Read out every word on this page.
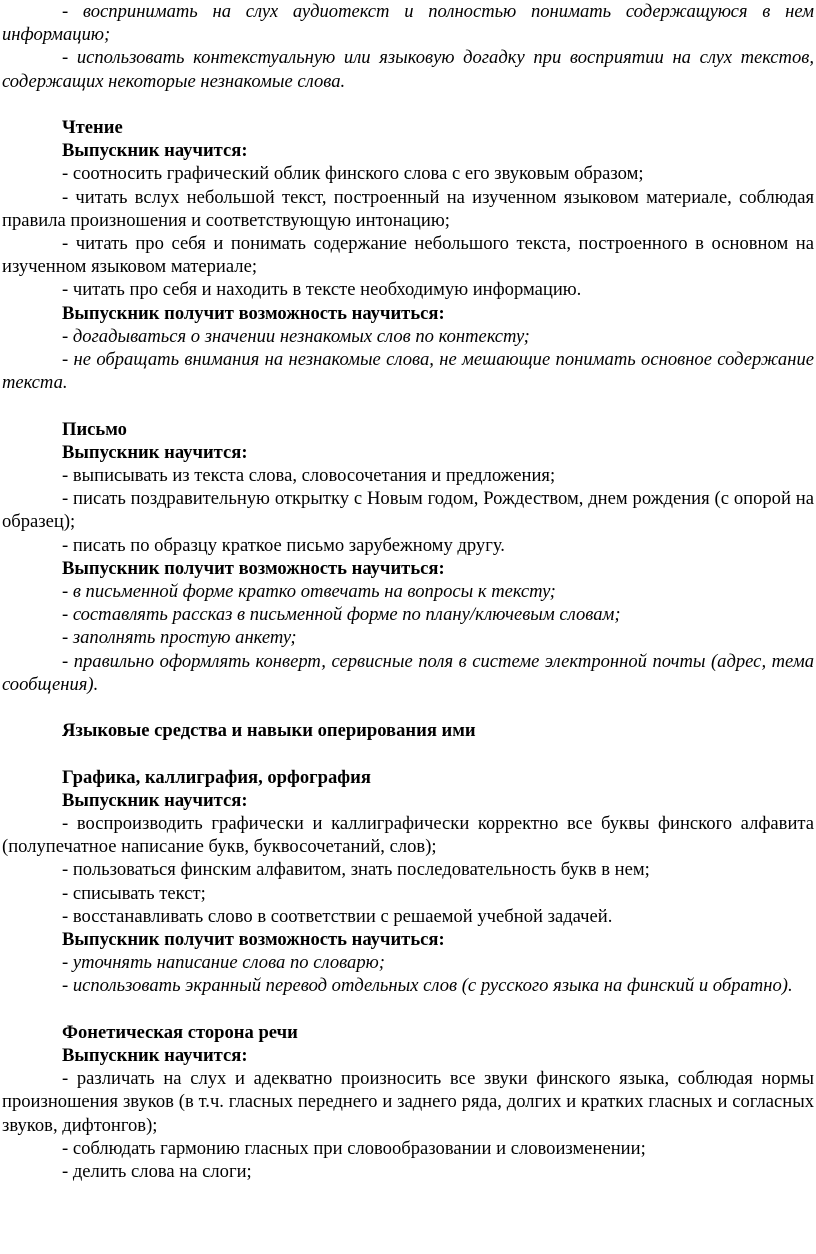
- воспринимать на слух аудиотекст и полностью понимать содержащуюся в нем информацию;

- использовать контекстуальную или языковую догадку при восприятии на слух текстов, содержащих некоторые незнакомые слова.

Чтение

Выпускник научится:

- соотносить графический облик финского слова с его звуковым образом;

- читать вслух небольшой текст, построенный на изученном языковом материале, соблюдая правила произношения и соответствующую интонацию;

- читать про себя и понимать содержание небольшого текста, построенного в основном на изученном языковом материале;

- читать про себя и находить в тексте необходимую информацию.

Выпускник получит возможность научиться:

- догадываться о значении незнакомых слов по контексту;

- не обращать внимания на незнакомые слова, не мешающие понимать основное содержание текста.

Письмо

Выпускник научится:

- выписывать из текста слова, словосочетания и предложения;

- писать поздравительную открытку с Новым годом, Рождеством, днем рождения (с опорой на образец);

- писать по образцу краткое письмо зарубежному другу.

Выпускник получит возможность научиться:

- в письменной форме кратко отвечать на вопросы к тексту;

- составлять рассказ в письменной форме по плану/ключевым словам;

- заполнять простую анкету;

- правильно оформлять конверт, сервисные поля в системе электронной почты (адрес, тема сообщения).

Языковые средства и навыки оперирования ими

Графика, каллиграфия, орфография

Выпускник научится:

- воспроизводить графически и каллиграфически корректно все буквы финского алфавита (полупечатное написание букв, буквосочетаний, слов);

- пользоваться финским алфавитом, знать последовательность букв в нем;

- списывать текст;

- восстанавливать слово в соответствии с решаемой учебной задачей.

Выпускник получит возможность научиться:

- уточнять написание слова по словарю;

- использовать экранный перевод отдельных слов (с русского языка на финский и обратно).

Фонетическая сторона речи

Выпускник научится:

- различать на слух и адекватно произносить все звуки финского языка, соблюдая нормы произношения звуков (в т.ч. гласных переднего и заднего ряда, долгих и кратких гласных и согласных звуков, дифтонгов);

- соблюдать гармонию гласных при словообразовании и словоизменении;

- делить слова на слоги;
